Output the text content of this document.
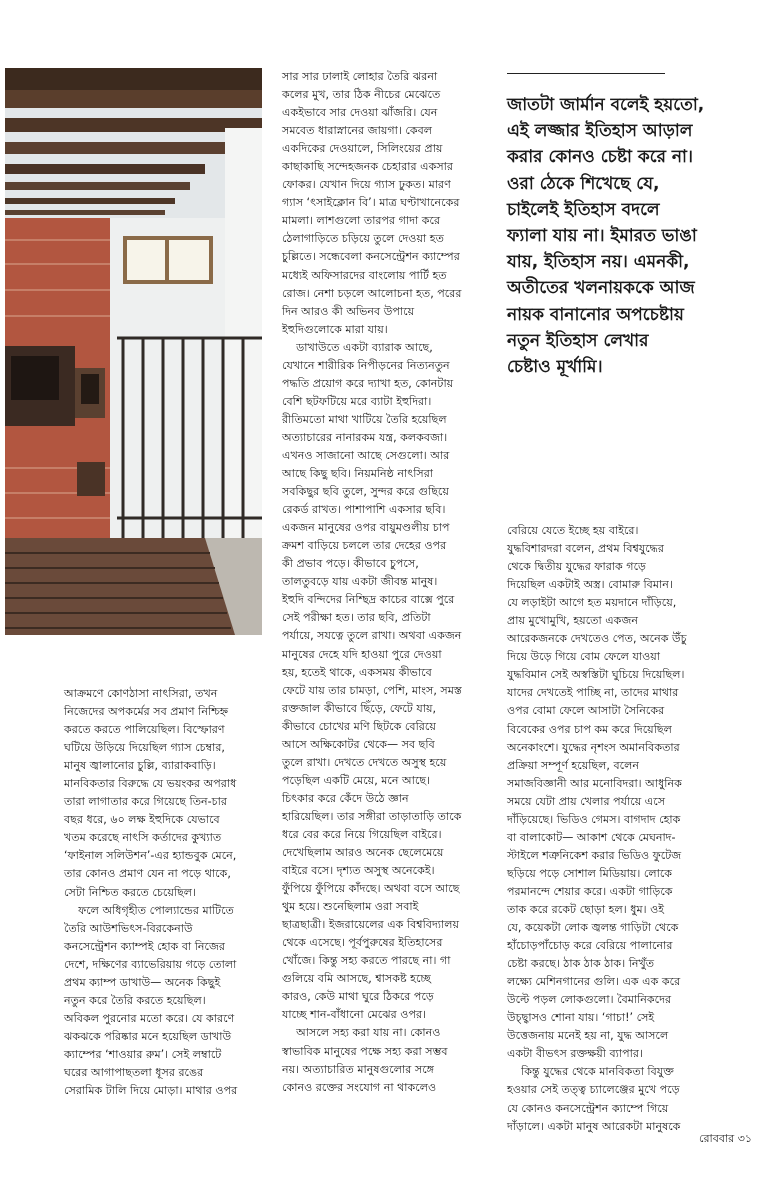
আক্রমণে কোণঠাসা নাৎসিরা, তখন

নিজেদের অপকর্মের সব প্রমাণ নিশ্চিহ্ন

করতে করতে পালিয়েছিল। বিস্ফোরণ

ঘটিয়ে উড়িয়ে দিয়েছিল গ্যাস চেম্বার,

মানুষ জ্বালানোর চুল্লি, ব্যারাকবাড়ি।

মানবিকতার বিরুদ্ধে যে ভয়ংকর অপরাধ

তারা লাগাতার করে গিয়েছে তিন-চার

বছর ধরে, ৬০ লক্ষ ইহুদিকে যেভাবে

খতম করেছে নাৎসি কর্তাদের কুখ্যাত

‘ফাইনাল সলিউশন’-এর হ্যান্ডবুক মেনে,

তার কোনও প্রমাণ যেন না পড়ে থাকে,

সেটা নিশ্চিত করতে চেয়েছিল।

ফলে অধিগৃহীত পোল্যান্ডের মাটিতে

তৈরি আউশভিৎস-বিরকেনাউ

কনসেন্ট্রেশন ক্যাম্পই হোক বা নিজের

দেশে, দক্ষিণের ব্যাভেরিয়ায় গড়ে তোলা

প্রথম ক্যাম্প ডাখাউ— অনেক কিছুই

নতুন করে তৈরি করতে হয়েছিল।

অবিকল পুরনোর মতো করে। যে কারণে

ঝকঝকে পরিষ্কার মনে হয়েছিল ডাখাউ

ক্যাম্পের ‘শাওয়ার রুম’। সেই লম্বাটে

ঘরের আগাপাছতলা ধূসর রঙের

সেরামিক টালি দিয়ে মোড়া। মাথার ওপর

সার সার ঢালাই লোহার তৈরি ঝরনা

কলের মুখ, তার ঠিক নীচের মেঝেতে

একইভাবে সার দেওয়া ঝাঁজরি। যেন

সমবেত ধারাস্নানের জায়গা। কেবল

একদিকের দেওয়ালে, সিলিংয়ের প্রায়

কাছাকাছি সন্দেহজনক চেহারার একসার

ফোকর। যেখান দিয়ে গ্যাস ঢুকত। মারণ

গ্যাস ‘ৎসাইক্লোন বি’। মাত্র ঘণ্টাখানেকের

মামলা। লাশগুলো তারপর গাদা করে

ঠেলাগাড়িতে চড়িয়ে তুলে দেওয়া হত

চুল্লিতে। সন্ধেবেলা কনসেন্ট্রেশন ক্যাম্পের

মধ্যেই অফিসারদের বাংলোয় পার্টি হত

রোজ। নেশা চড়লে আলোচনা হত, পরের

দিন আরও কী অভিনব উপায়ে

ইহুদিগুলোকে মারা যায়।

ডাখাউতে একটা ব্যারাক আছে,

যেখানে শারীরিক নিপীড়নের নিত্যনতুন

পদ্ধতি প্রয়োগ করে দ্যাখা হত, কোনটায়

বেশি ছটফটিয়ে মরে ব্যাটা ইহুদিরা।

রীতিমতো মাথা খাটিয়ে তৈরি হয়েছিল

অত্যাচারের নানারকম যন্ত্র, কলকবজা।

এখনও সাজানো আছে সেগুলো। আর

আছে কিছু ছবি। নিয়মনিষ্ঠ নাৎসিরা

সবকিছুর ছবি তুলে, সুন্দর করে গুছিয়ে

রেকর্ড রাখত। পাশাপাশি একসার ছবি।

একজন মানুষের ওপর বায়ুমণ্ডলীয় চাপ

ক্রমশ বাড়িয়ে চললে তার দেহের ওপর

কী প্রভাব পড়ে। কীভাবে চুপসে,

তালতুবড়ে যায় একটা জীবন্ত মানুষ।

ইহুদি বন্দিদের নিশ্ছিদ্র কাচের বাক্সে পুরে

সেই পরীক্ষা হত। তার ছবি, প্রতিটা

পর্যায়ে, সযত্নে তুলে রাখা। অথবা একজন

মানুষের দেহে যদি হাওয়া পুরে দেওয়া

হয়, হতেই থাকে, একসময় কীভাবে

ফেটে যায় তার চামড়া, পেশি, মাংস, সমস্ত

রক্তজাল কীভাবে ছিঁড়ে, ফেটে যায়,

কীভাবে চোখের মণি ছিটকে বেরিয়ে

আসে অক্ষিকোটর থেকে— সব ছবি

তুলে রাখা। দেখতে দেখতে অসুস্থ হয়ে

পড়েছিল একটি মেয়ে, মনে আছে।

চিৎকার করে কেঁদে উঠে জ্ঞান

হারিয়েছিল। তার সঙ্গীরা তাড়াতাড়ি তাকে

ধরে বের করে নিয়ে গিয়েছিল বাইরে।

দেখেছিলাম আরও অনেক ছেলেমেয়ে

বাইরে বসে। দৃশ্যত অসুস্থ অনেকেই।

ফুঁপিয়ে ফুঁপিয়ে কাঁদছে। অথবা বসে আছে

থুম হয়ে। শুনেছিলাম ওরা সবাই

ছাত্রছাত্রী। ইজরায়েলের এক বিশ্ববিদ্যালয়

থেকে এসেছে। পূর্বপুরুষের ইতিহাসের

খোঁজে। কিন্তু সহ্য করতে পারছে না। গা

গুলিয়ে বমি আসছে, শ্বাসকষ্ট হচ্ছে

কারও, কেউ মাথা ঘুরে ঠিকরে পড়ে

যাচ্ছে শান-বাঁধানো মেঝের ওপর।

আসলে সহ্য করা যায় না। কোনও

স্বাভাবিক মানুষের পক্ষে সহ্য করা সম্ভব

নয়। অত্যাচারিত মানুষগুলোর সঙ্গে

কোনও রক্তের সংযোগ না থাকলেও

জাতটা জার্মান বলেই হয়তো,

এই লজ্জার ইতিহাস আড়াল

করার কোনও চেষ্টা করে না।

ওরা ঠেকে শিখেছে যে,

চাইলেই ইতিহাস বদলে

ফ্যালা যায় না। ইমারত ভাঙা

যায়, ইতিহাস নয়। এমনকী,

অতীতের খলনায়ককে আজ

নায়ক বানানোর অপচেষ্টায়

নতুন ইতিহাস লেখার

চেষ্টাও মূর্খামি।

বেরিয়ে যেতে ইচ্ছে হয় বাইরে।

যুদ্ধবিশারদরা বলেন, প্রথম বিশ্বযুদ্ধের

থেকে দ্বিতীয় যুদ্ধের ফারাক গড়ে

দিয়েছিল একটাই অস্ত্র। বোমারু বিমান।

যে লড়াইটা আগে হত ময়দানে দাঁড়িয়ে,

প্রায় মুখোমুখি, হয়তো একজন

আরেকজনকে দেখতেও পেত, অনেক উঁচু

দিয়ে উড়ে গিয়ে বোম ফেলে যাওয়া

যুদ্ধবিমান সেই অস্বস্তিটা ঘুচিয়ে দিয়েছিল।

যাদের দেখতেই পাচ্ছি না, তাদের মাথার

ওপর বোমা ফেলে আসাটা সৈনিকের

বিবেকের ওপর চাপ কম করে দিয়েছিল

অনেকাংশে। যুদ্ধের নৃশংস অমানবিকতার

প্রক্রিয়া সম্পূর্ণ হয়েছিল, বলেন

সমাজবিজ্ঞানী আর মনোবিদরা। আধুনিক

সময়ে যেটা প্রায় খেলার পর্যায়ে এসে

দাঁড়িয়েছে। ভিডিও গেমস। বাগদাদ হোক

বা বালাকোট— আকাশ থেকে মেঘনাদ-

স্টাইলে শত্রুনিকেশ করার ভিডিও ফুটেজ

ছড়িয়ে পড়ে সোশাল মিডিয়ায়। লোকে

পরমানন্দে শেয়ার করে। একটা গাড়িকে

তাক করে রকেট ছোড়া হল। ধুম। ওই

যে, কয়েকটা লোক জ্বলন্ত গাড়িটা থেকে

হাঁচোড়পাঁচোড় করে বেরিয়ে পালানোর

চেষ্টা করছে। ঠাক ঠাক ঠাক। নিখুঁত

লক্ষ্যে মেশিনগানের গুলি। এক এক করে

উল্টে পড়ল লোকগুলো। বৈমানিকদের

উচ্ছ্বাসও শোনা যায়। ‘গাচা!’ সেই

উত্তেজনায় মনেই হয় না, যুদ্ধ আসলে

একটা বীভৎস রক্তক্ষয়ী ব্যাপার।

কিন্তু যুদ্ধের থেকে মানবিকতা বিযুক্ত

হওয়ার সেই তত্ত্ব চ্যালেঞ্জের মুখে পড়ে

যে কোনও কনসেন্ট্রেশন ক্যাম্পে গিয়ে

দাঁড়ালে। একটা মানুষ আরেকটা মানুষকে

রোববার ৩১
